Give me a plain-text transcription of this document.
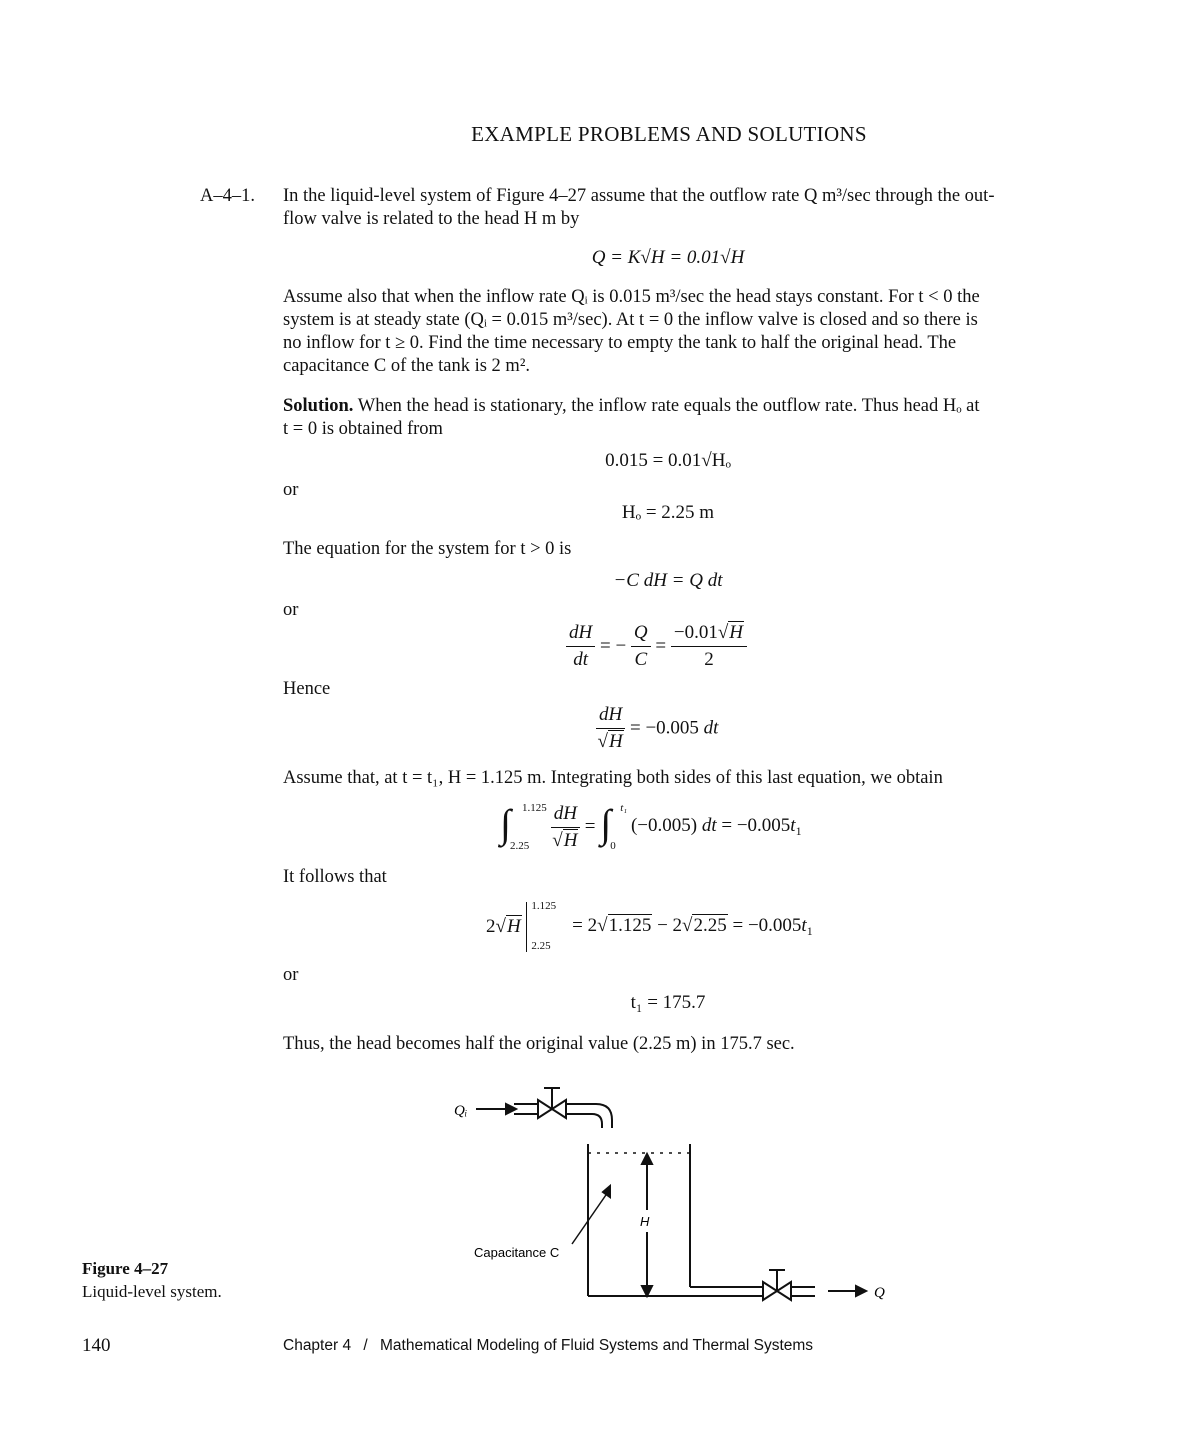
EXAMPLE PROBLEMS AND SOLUTIONS
A–4–1. In the liquid-level system of Figure 4–27 assume that the outflow rate Q m³/sec through the out-
flow valve is related to the head H m by
Q = K√H = 0.01√H
Assume also that when the inflow rate Qᵢ is 0.015 m³/sec the head stays constant. For t < 0 the
system is at steady state (Qᵢ = 0.015 m³/sec). At t = 0 the inflow valve is closed and so there is
no inflow for t ≥ 0. Find the time necessary to empty the tank to half the original head. The
capacitance C of the tank is 2 m².
Solution. When the head is stationary, the inflow rate equals the outflow rate. Thus head Hₒ at
t = 0 is obtained from
0.015 = 0.01√Hₒ
or
Hₒ = 2.25 m
The equation for the system for t > 0 is
−C dH = Q dt
or
$\frac{dH}{dt}$ = − $\frac{Q}{C} = \frac{-0.01√H}{2}$
Hence
$\frac{dH}{√H} = -0.005$ dt
Assume that, at t = t₁, H = 1.125 m. Integrating both sides of this last equation, we obtain
∫ 1.125
2.25
$\frac{dH}{√H}$ = ∫ t₁
0
(−0.005) dt = $-0.005t_1$
It follows that
2√H
1.125
2.25
= $2√1.125 - 2√2.25 = -0.005t_1$
or
t₁ = 175.7
Thus, the head becomes half the original value (2.25 m) in 175.7 sec.
Qᵢ
Q
H
Capacitance C
Figure 4–27
Liquid-level system.
140	Chapter 4 / Mathematical Modeling of Fluid Systems and Thermal Systems
